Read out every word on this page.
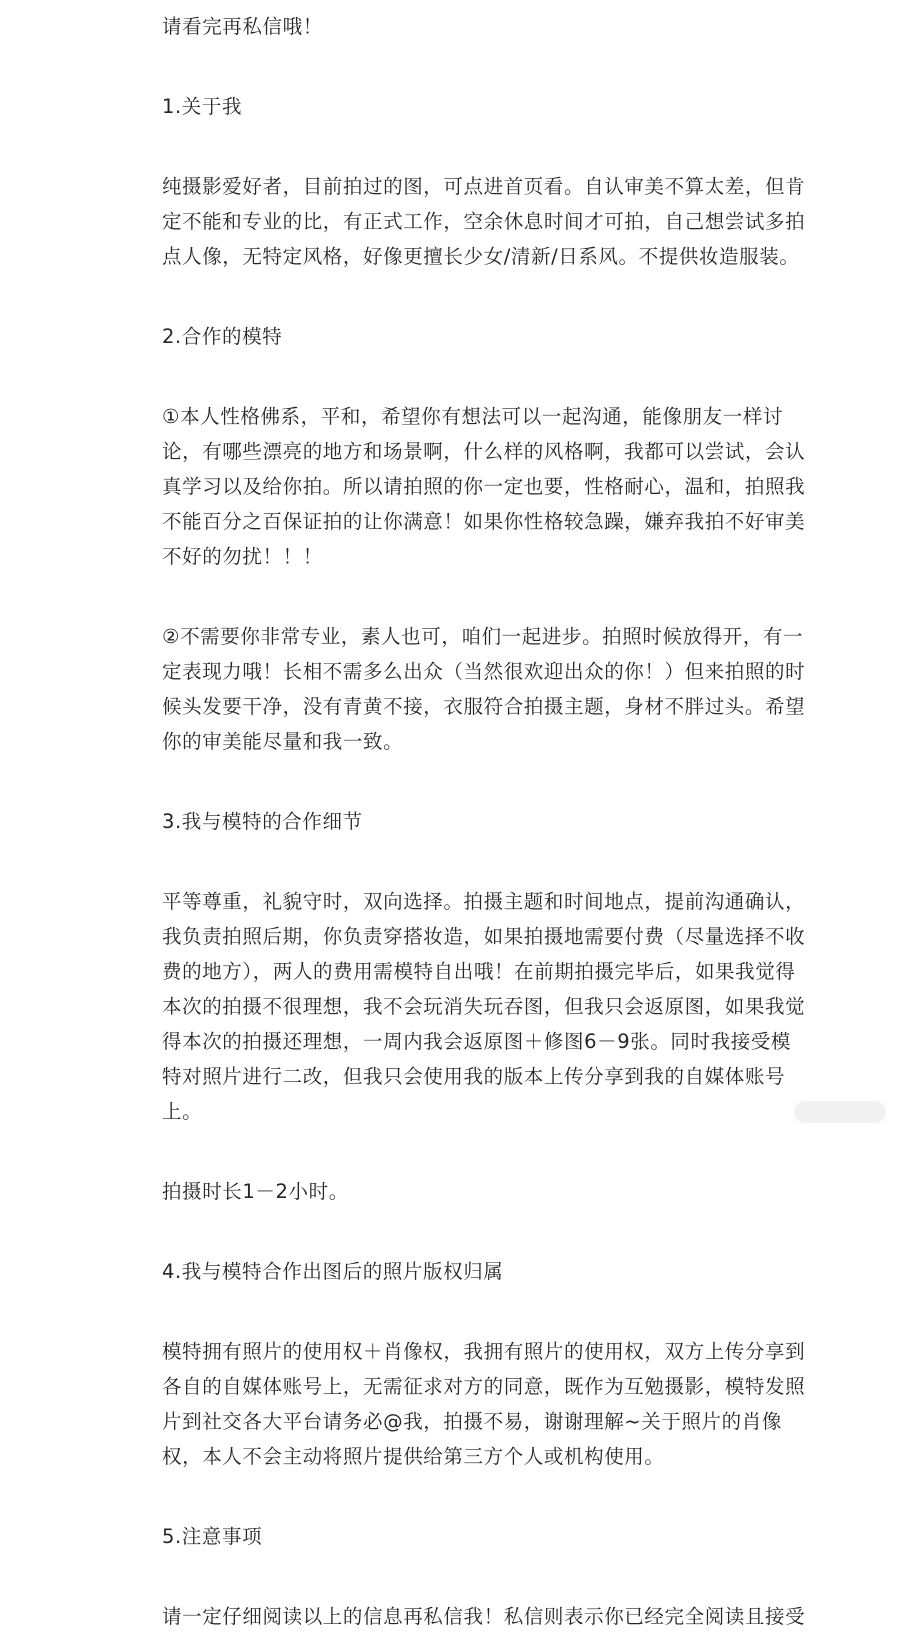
请看完再私信哦！

1.关于我

纯摄影爱好者，目前拍过的图，可点进首页看。自认审美不算太差，但肯

定不能和专业的比，有正式工作，空余休息时间才可拍，自己想尝试多拍

点人像，无特定风格，好像更擅长少女/清新/日系风。不提供妆造服装。

2.合作的模特

①本人性格佛系，平和，希望你有想法可以一起沟通，能像朋友一样讨

论，有哪些漂亮的地方和场景啊，什么样的风格啊，我都可以尝试，会认

真学习以及给你拍。所以请拍照的你一定也要，性格耐心，温和，拍照我

不能百分之百保证拍的让你满意！如果你性格较急躁，嫌弃我拍不好审美

不好的勿扰！！！

②不需要你非常专业，素人也可，咱们一起进步。拍照时候放得开，有一

定表现力哦！长相不需多么出众（当然很欢迎出众的你！）但来拍照的时

候头发要干净，没有青黄不接，衣服符合拍摄主题，身材不胖过头。希望

你的审美能尽量和我一致。

3.我与模特的合作细节

平等尊重，礼貌守时，双向选择。拍摄主题和时间地点，提前沟通确认，

我负责拍照后期，你负责穿搭妆造，如果拍摄地需要付费（尽量选择不收

费的地方），两人的费用需模特自出哦！在前期拍摄完毕后，如果我觉得

本次的拍摄不很理想，我不会玩消失玩吞图，但我只会返原图，如果我觉

得本次的拍摄还理想，一周内我会返原图＋修图6－9张。同时我接受模

特对照片进行二改，但我只会使用我的版本上传分享到我的自媒体账号

上。

拍摄时长1－2小时。

4.我与模特合作出图后的照片版权归属

模特拥有照片的使用权＋肖像权，我拥有照片的使用权，双方上传分享到

各自的自媒体账号上，无需征求对方的同意，既作为互勉摄影，模特发照

片到社交各大平台请务必@我，拍摄不易，谢谢理解~关于照片的肖像

权，本人不会主动将照片提供给第三方个人或机构使用。

5.注意事项

请一定仔细阅读以上的信息再私信我！私信则表示你已经完全阅读且接受
